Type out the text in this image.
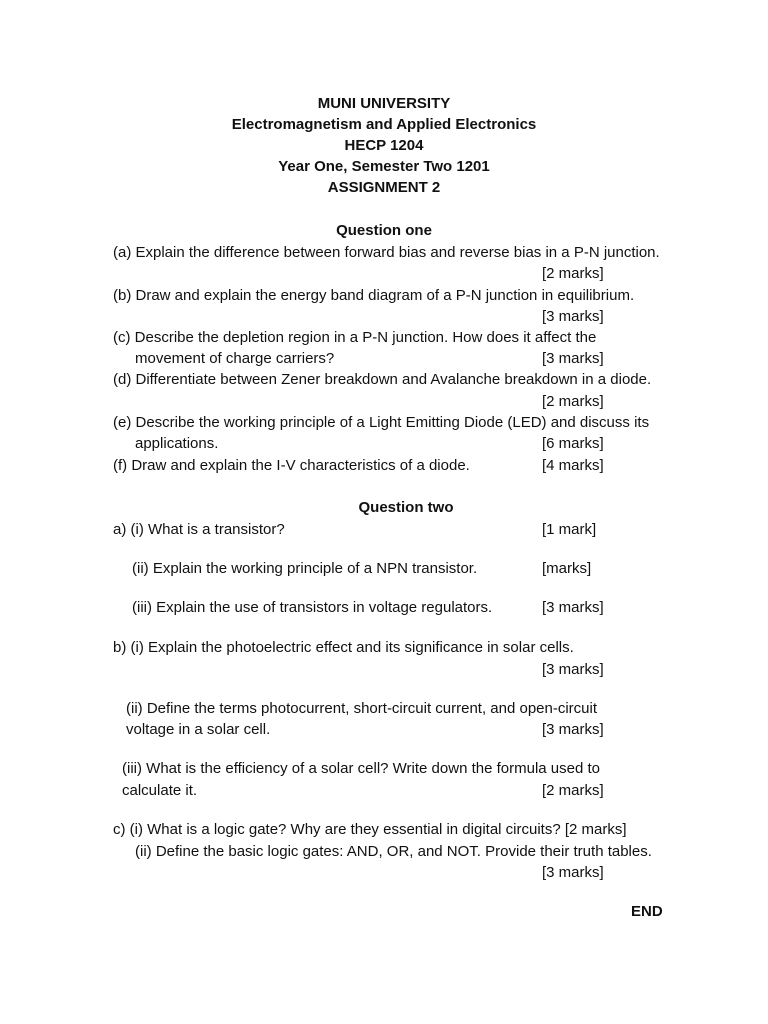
MUNI UNIVERSITY
Electromagnetism and Applied Electronics
HECP 1204
Year One, Semester Two 1201
ASSIGNMENT 2
Question one
(a) Explain the difference between forward bias and reverse bias in a P-N junction.
[2 marks]
(b) Draw and explain the energy band diagram of a P-N junction in equilibrium.
[3 marks]
(c) Describe the depletion region in a P-N junction. How does it affect the
movement of charge carriers?	[3 marks]
(d) Differentiate between Zener breakdown and Avalanche breakdown in a diode.
[2 marks]
(e) Describe the working principle of a Light Emitting Diode (LED) and discuss its
applications.	[6 marks]
(f) Draw and explain the I-V characteristics of a diode.	[4 marks]
Question two
a) (i) What is a transistor?	[1 mark]
(ii) Explain the working principle of a NPN transistor.	[marks]
(iii) Explain the use of transistors in voltage regulators.	[3 marks]
b) (i) Explain the photoelectric effect and its significance in solar cells.
[3 marks]
(ii) Define the terms photocurrent, short-circuit current, and open-circuit
voltage in a solar cell.	[3 marks]
(iii) What is the efficiency of a solar cell? Write down the formula used to
calculate it.	[2 marks]
c) (i) What is a logic gate? Why are they essential in digital circuits? [2 marks]
(ii) Define the basic logic gates: AND, OR, and NOT. Provide their truth tables.
[3 marks]
END
